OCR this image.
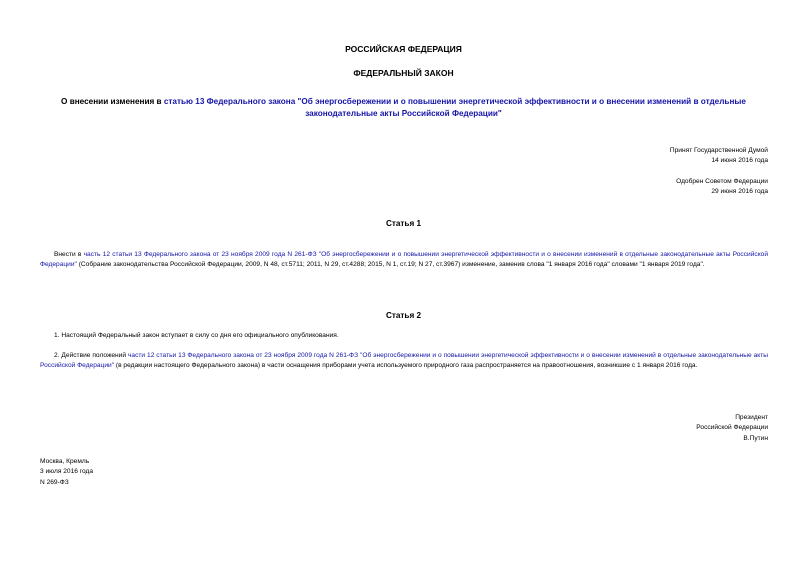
РОССИЙСКАЯ ФЕДЕРАЦИЯ
ФЕДЕРАЛЬНЫЙ ЗАКОН
О внесении изменения в статью 13 Федерального закона "Об энергосбережении и о повышении энергетической эффективности и о внесении изменений в отдельные законодательные акты Российской Федерации"
Принят Государственной Думой
14 июня 2016 года
Одобрен Советом Федерации
29 июня 2016 года
Статья 1
Внести в часть 12 статьи 13 Федерального закона от 23 ноября 2009 года N 261-ФЗ "Об энергосбережении и о повышении энергетической эффективности и о внесении изменений в отдельные законодательные акты Российской Федерации" (Собрание законодательства Российской Федерации, 2009, N 48, ст.5711; 2011, N 29, ст.4288; 2015, N 1, ст.19; N 27, ст.3967) изменение, заменив слова "1 января 2016 года" словами "1 января 2019 года".
Статья 2
1. Настоящий Федеральный закон вступает в силу со дня его официального опубликования.
2. Действие положений части 12 статьи 13 Федерального закона от 23 ноября 2009 года N 261-ФЗ "Об энергосбережении и о повышении энергетической эффективности и о внесении изменений в отдельные законодательные акты Российской Федерации" (в редакции настоящего Федерального закона) в части оснащения приборами учета используемого природного газа распространяется на правоотношения, возникшие с 1 января 2016 года.
Президент
Российской Федерации
В.Путин
Москва, Кремль
3 июля 2016 года
N 269-ФЗ
